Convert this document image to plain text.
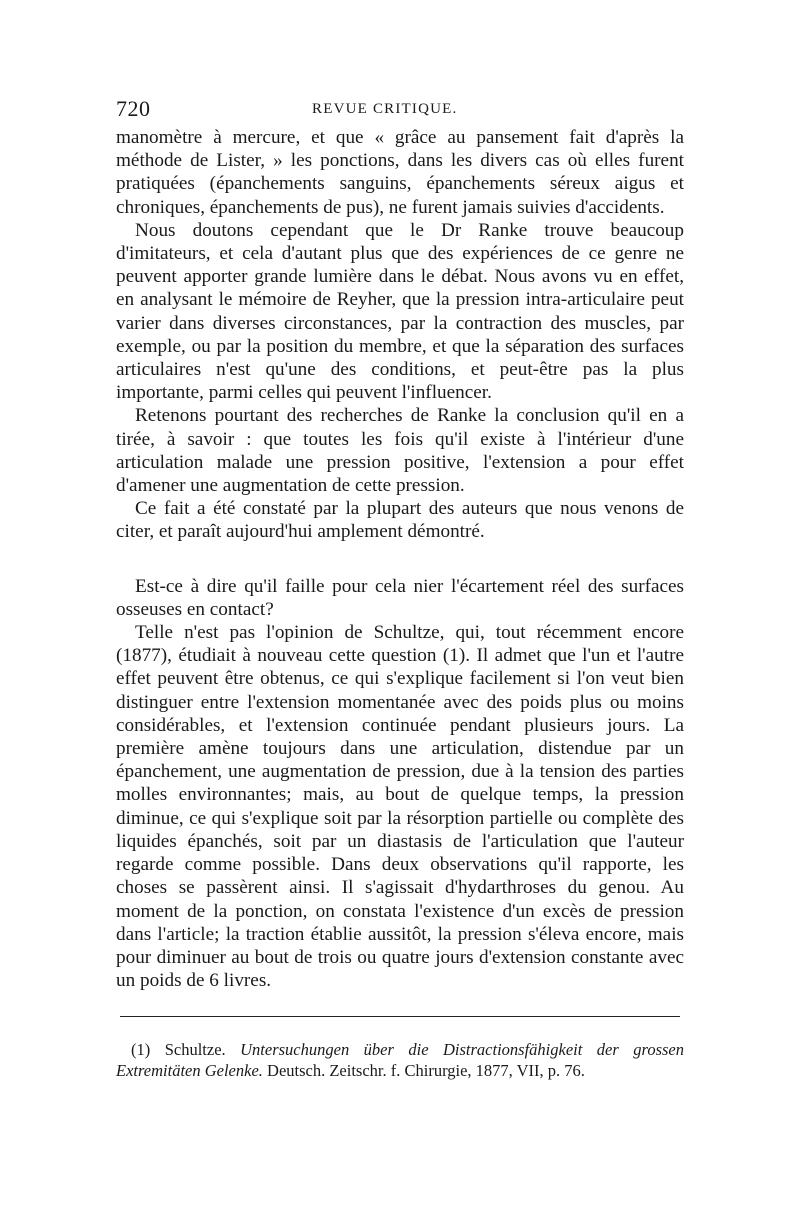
720	REVUE CRITIQUE.

manomètre à mercure, et que « grâce au pansement fait d'après la méthode de Lister, » les ponctions, dans les divers cas où elles furent pratiquées (épanchements sanguins, épanchements séreux aigus et chroniques, épanchements de pus), ne furent jamais suivies d'accidents.

Nous doutons cependant que le Dr Ranke trouve beaucoup d'imitateurs, et cela d'autant plus que des expériences de ce genre ne peuvent apporter grande lumière dans le débat. Nous avons vu en effet, en analysant le mémoire de Reyher, que la pression intra-articulaire peut varier dans diverses circonstances, par la contraction des muscles, par exemple, ou par la position du membre, et que la séparation des surfaces articulaires n'est qu'une des conditions, et peut-être pas la plus importante, parmi celles qui peuvent l'influencer.

Retenons pourtant des recherches de Ranke la conclusion qu'il en a tirée, à savoir : que toutes les fois qu'il existe à l'intérieur d'une articulation malade une pression positive, l'extension a pour effet d'amener une augmentation de cette pression.

Ce fait a été constaté par la plupart des auteurs que nous venons de citer, et paraît aujourd'hui amplement démontré.

Est-ce à dire qu'il faille pour cela nier l'écartement réel des surfaces osseuses en contact?

Telle n'est pas l'opinion de Schultze, qui, tout récemment encore (1877), étudiait à nouveau cette question (1). Il admet que l'un et l'autre effet peuvent être obtenus, ce qui s'explique facilement si l'on veut bien distinguer entre l'extension momentanée avec des poids plus ou moins considérables, et l'extension continuée pendant plusieurs jours. La première amène toujours dans une articulation, distendue par un épanchement, une augmentation de pression, due à la tension des parties molles environnantes; mais, au bout de quelque temps, la pression diminue, ce qui s'explique soit par la résorption partielle ou complète des liquides épanchés, soit par un diastasis de l'articulation que l'auteur regarde comme possible. Dans deux observations qu'il rapporte, les choses se passèrent ainsi. Il s'agissait d'hydarthroses du genou. Au moment de la ponction, on constata l'existence d'un excès de pression dans l'article; la traction établie aussitôt, la pression s'éleva encore, mais pour diminuer au bout de trois ou quatre jours d'extension constante avec un poids de 6 livres.

(1) Schultze. Untersuchungen über die Distractionsfähigkeit der grossen Extremitäten Gelenke. Deutsch. Zeitschr. f. Chirurgie, 1877, VII, p. 76.
